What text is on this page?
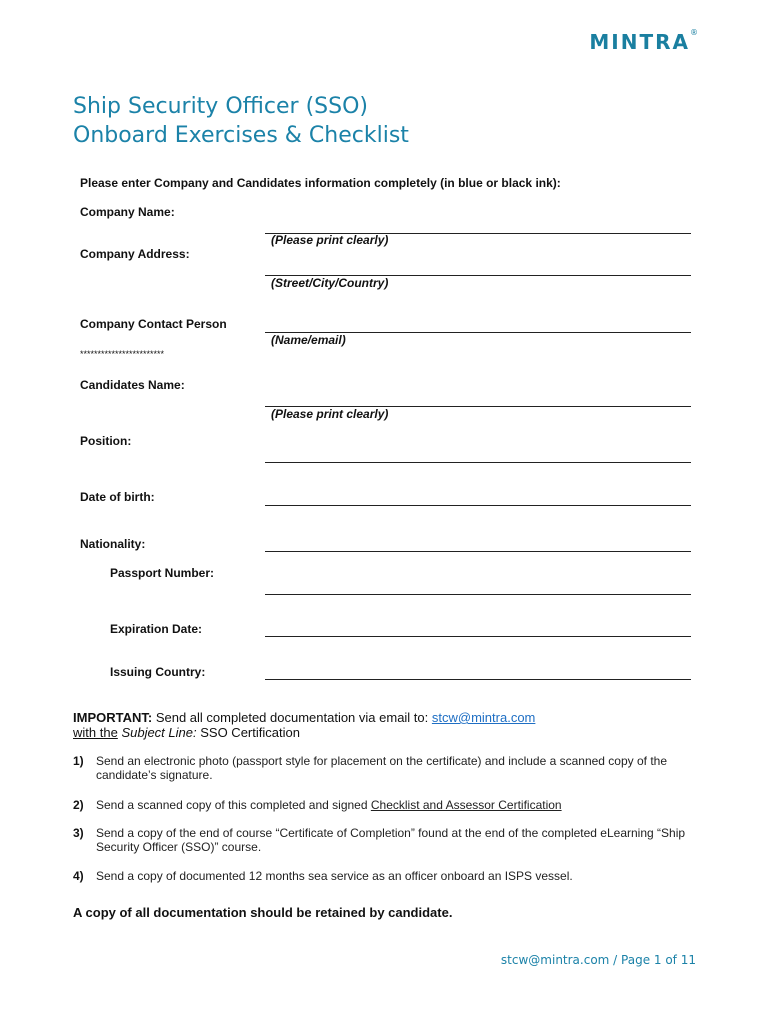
MINTRA®
Ship Security Officer (SSO)
Onboard Exercises & Checklist
Please enter Company and Candidates information completely (in blue or black ink):
Company Name:
(Please print clearly)
Company Address:
(Street/City/Country)
Company Contact Person
(Name/email)
************************
Candidates Name:
(Please print clearly)
Position:
Date of birth:
Nationality:
Passport Number:
Expiration Date:
Issuing Country:
IMPORTANT: Send all completed documentation via email to: stcw@mintra.com
with the Subject Line: SSO Certification
1) Send an electronic photo (passport style for placement on the certificate) and include a scanned copy of the candidate’s signature.
2) Send a scanned copy of this completed and signed Checklist and Assessor Certification
3) Send a copy of the end of course “Certificate of Completion” found at the end of the completed eLearning “Ship Security Officer (SSO)” course.
4) Send a copy of documented 12 months sea service as an officer onboard an ISPS vessel.
A copy of all documentation should be retained by candidate.
stcw@mintra.com / Page 1 of 11
